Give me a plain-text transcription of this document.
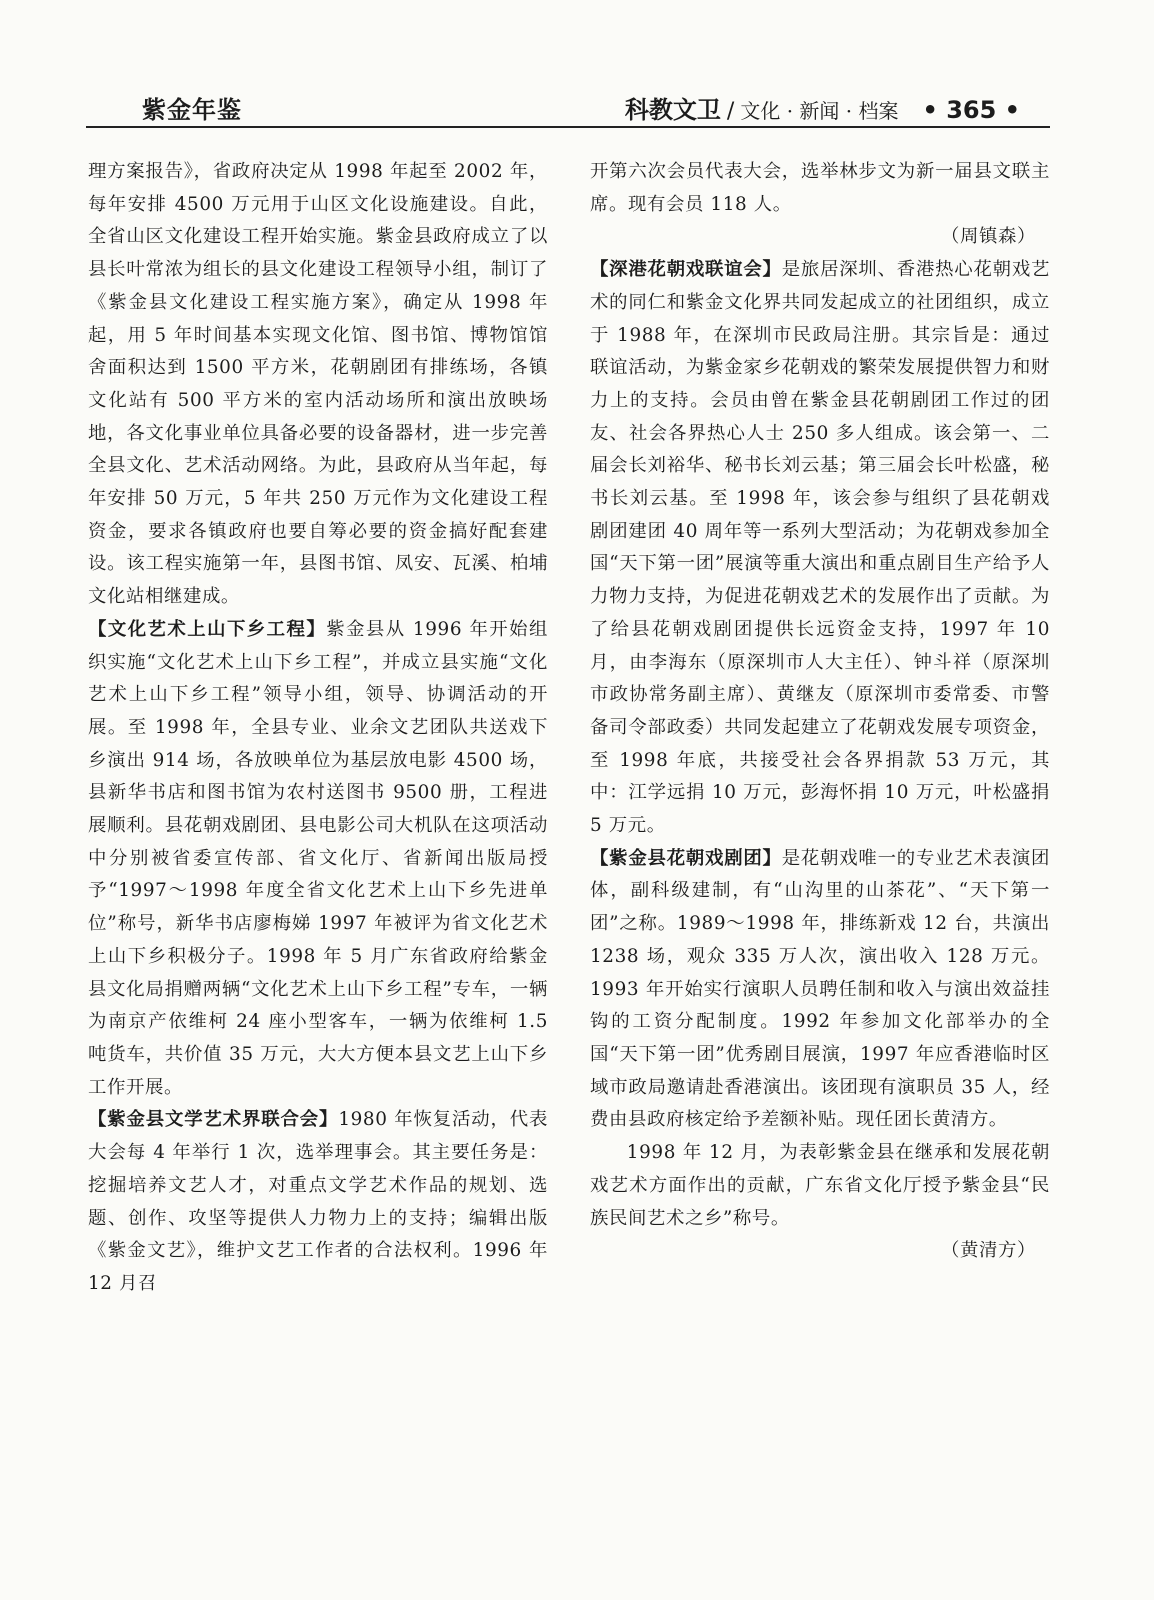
紫金年鉴	科教文卫 / 文化 · 新闻 · 档案 • 365 •

理方案报告》，省政府决定从 1998 年起至 2002 年，每年安排 4500 万元用于山区文化设施建设。自此，全省山区文化建设工程开始实施。紫金县政府成立了以县长叶常浓为组长的县文化建设工程领导小组，制订了《紫金县文化建设工程实施方案》，确定从 1998 年起，用 5 年时间基本实现文化馆、图书馆、博物馆馆舍面积达到 1500 平方米，花朝剧团有排练场，各镇文化站有 500 平方米的室内活动场所和演出放映场地，各文化事业单位具备必要的设备器材，进一步完善全县文化、艺术活动网络。为此，县政府从当年起，每年安排 50 万元，5 年共 250 万元作为文化建设工程资金，要求各镇政府也要自筹必要的资金搞好配套建设。该工程实施第一年，县图书馆、凤安、瓦溪、柏埔文化站相继建成。

【文化艺术上山下乡工程】紫金县从 1996 年开始组织实施“文化艺术上山下乡工程”，并成立县实施“文化艺术上山下乡工程”领导小组，领导、协调活动的开展。至 1998 年，全县专业、业余文艺团队共送戏下乡演出 914 场，各放映单位为基层放电影 4500 场，县新华书店和图书馆为农村送图书 9500 册，工程进展顺利。县花朝戏剧团、县电影公司大机队在这项活动中分别被省委宣传部、省文化厅、省新闻出版局授予“1997～1998 年度全省文化艺术上山下乡先进单位”称号，新华书店廖梅娣 1997 年被评为省文化艺术上山下乡积极分子。1998 年 5 月广东省政府给紫金县文化局捐赠两辆“文化艺术上山下乡工程”专车，一辆为南京产依维柯 24 座小型客车，一辆为依维柯 1.5 吨货车，共价值 35 万元，大大方便本县文艺上山下乡工作开展。

【紫金县文学艺术界联合会】1980 年恢复活动，代表大会每 4 年举行 1 次，选举理事会。其主要任务是：挖掘培养文艺人才，对重点文学艺术作品的规划、选题、创作、攻坚等提供人力物力上的支持；编辑出版《紫金文艺》，维护文艺工作者的合法权利。1996 年 12 月召

开第六次会员代表大会，选举林步文为新一届县文联主席。现有会员 118 人。

（周镇森）

【深港花朝戏联谊会】是旅居深圳、香港热心花朝戏艺术的同仁和紫金文化界共同发起成立的社团组织，成立于 1988 年，在深圳市民政局注册。其宗旨是：通过联谊活动，为紫金家乡花朝戏的繁荣发展提供智力和财力上的支持。会员由曾在紫金县花朝剧团工作过的团友、社会各界热心人士 250 多人组成。该会第一、二届会长刘裕华、秘书长刘云基；第三届会长叶松盛，秘书长刘云基。至 1998 年，该会参与组织了县花朝戏剧团建团 40 周年等一系列大型活动；为花朝戏参加全国“天下第一团”展演等重大演出和重点剧目生产给予人力物力支持，为促进花朝戏艺术的发展作出了贡献。为了给县花朝戏剧团提供长远资金支持，1997 年 10 月，由李海东（原深圳市人大主任）、钟斗祥（原深圳市政协常务副主席）、黄继友（原深圳市委常委、市警备司令部政委）共同发起建立了花朝戏发展专项资金，至 1998 年底，共接受社会各界捐款 53 万元，其中：江学远捐 10 万元，彭海怀捐 10 万元，叶松盛捐 5 万元。

【紫金县花朝戏剧团】是花朝戏唯一的专业艺术表演团体，副科级建制，有“山沟里的山茶花”、“天下第一团”之称。1989～1998 年，排练新戏 12 台，共演出 1238 场，观众 335 万人次，演出收入 128 万元。1993 年开始实行演职人员聘任制和收入与演出效益挂钩的工资分配制度。1992 年参加文化部举办的全国“天下第一团”优秀剧目展演，1997 年应香港临时区域市政局邀请赴香港演出。该团现有演职员 35 人，经费由县政府核定给予差额补贴。现任团长黄清方。

1998 年 12 月，为表彰紫金县在继承和发展花朝戏艺术方面作出的贡献，广东省文化厅授予紫金县“民族民间艺术之乡”称号。

（黄清方）
